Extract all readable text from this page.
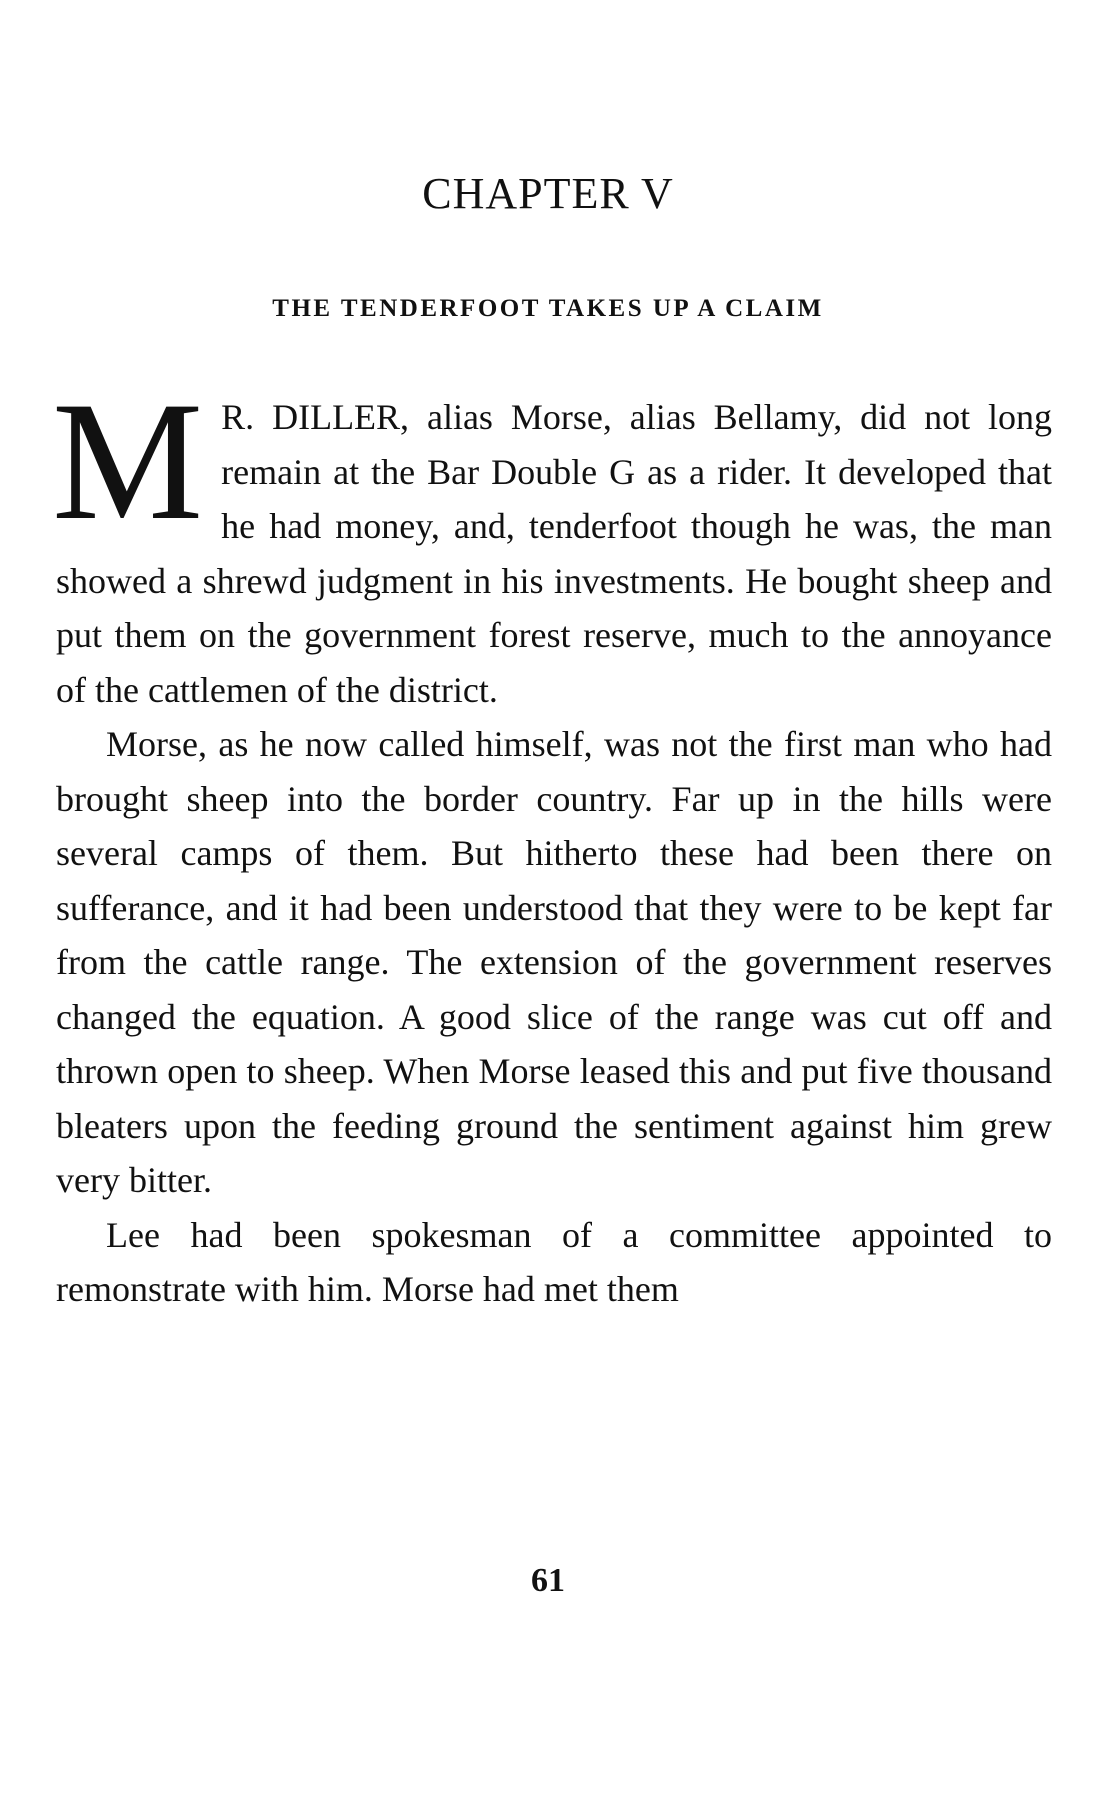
CHAPTER V
THE TENDERFOOT TAKES UP A CLAIM

M R. DILLER, alias Morse, alias Bellamy, did not long remain at the Bar Double G as a rider. It developed that he had money, and, tenderfoot though he was, the man showed a shrewd judgment in his investments. He bought sheep and put them on the government forest reserve, much to the annoyance of the cattlemen of the district.

Morse, as he now called himself, was not the first man who had brought sheep into the border country. Far up in the hills were several camps of them. But hitherto these had been there on sufferance, and it had been understood that they were to be kept far from the cattle range. The extension of the government reserves changed the equation. A good slice of the range was cut off and thrown open to sheep. When Morse leased this and put five thousand bleaters upon the feeding ground the sentiment against him grew very bitter.

Lee had been spokesman of a committee appointed to remonstrate with him. Morse had met them

61
